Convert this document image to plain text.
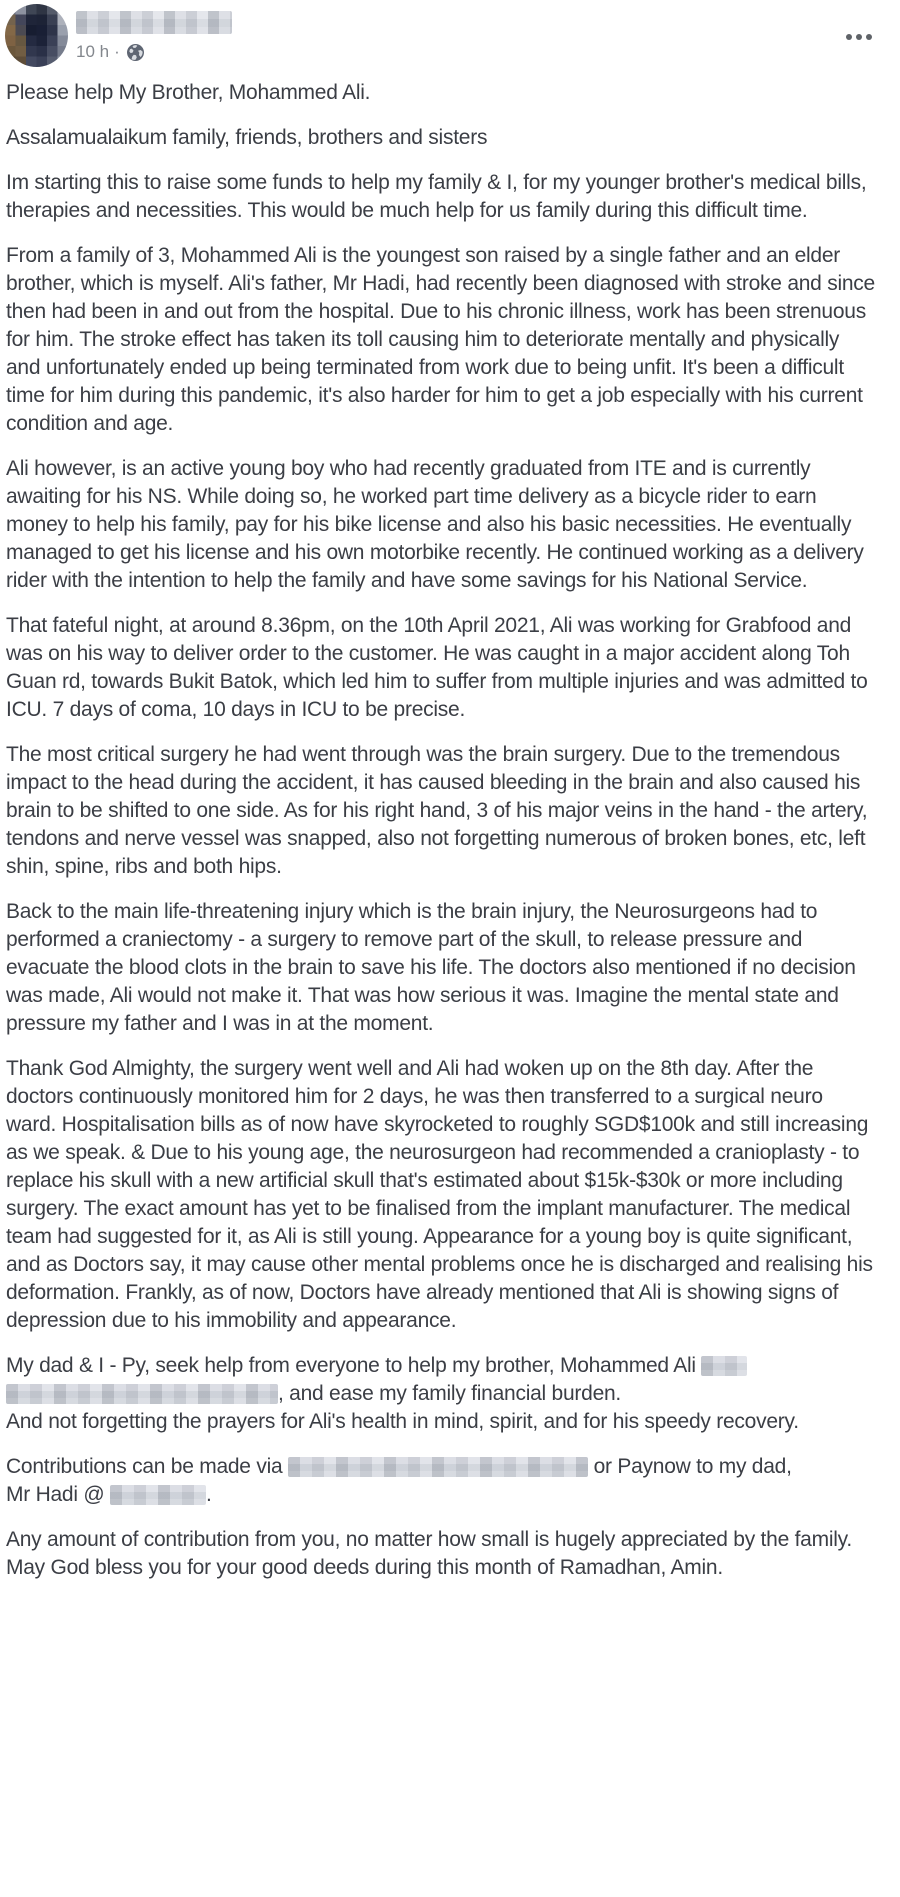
10 h ·

Please help My Brother, Mohammed Ali.

Assalamualaikum family, friends, brothers and sisters

Im starting this to raise some funds to help my family & I, for my younger brother's medical bills, therapies and necessities. This would be much help for us family during this difficult time.

From a family of 3, Mohammed Ali is the youngest son raised by a single father and an elder brother, which is myself. Ali's father, Mr Hadi, had recently been diagnosed with stroke and since then had been in and out from the hospital. Due to his chronic illness, work has been strenuous for him. The stroke effect has taken its toll causing him to deteriorate mentally and physically and unfortunately ended up being terminated from work due to being unfit. It's been a difficult time for him during this pandemic, it's also harder for him to get a job especially with his current condition and age.

Ali however, is an active young boy who had recently graduated from ITE and is currently awaiting for his NS. While doing so, he worked part time delivery as a bicycle rider to earn money to help his family, pay for his bike license and also his basic necessities. He eventually managed to get his license and his own motorbike recently. He continued working as a delivery rider with the intention to help the family and have some savings for his National Service.

That fateful night, at around 8.36pm, on the 10th April 2021, Ali was working for Grabfood and was on his way to deliver order to the customer. He was caught in a major accident along Toh Guan rd, towards Bukit Batok, which led him to suffer from multiple injuries and was admitted to ICU. 7 days of coma, 10 days in ICU to be precise.

The most critical surgery he had went through was the brain surgery. Due to the tremendous impact to the head during the accident, it has caused bleeding in the brain and also caused his brain to be shifted to one side. As for his right hand, 3 of his major veins in the hand - the artery, tendons and nerve vessel was snapped, also not forgetting numerous of broken bones, etc, left shin, spine, ribs and both hips.

Back to the main life-threatening injury which is the brain injury, the Neurosurgeons had to performed a craniectomy - a surgery to remove part of the skull, to release pressure and evacuate the blood clots in the brain to save his life. The doctors also mentioned if no decision was made, Ali would not make it. That was how serious it was. Imagine the mental state and pressure my father and I was in at the moment.

Thank God Almighty, the surgery went well and Ali had woken up on the 8th day. After the doctors continuously monitored him for 2 days, he was then transferred to a surgical neuro ward. Hospitalisation bills as of now have skyrocketed to roughly SGD$100k and still increasing as we speak. & Due to his young age, the neurosurgeon had recommended a cranioplasty - to replace his skull with a new artificial skull that's estimated about $15k-$30k or more including surgery. The exact amount has yet to be finalised from the implant manufacturer. The medical team had suggested for it, as Ali is still young. Appearance for a young boy is quite significant, and as Doctors say, it may cause other mental problems once he is discharged and realising his deformation. Frankly, as of now, Doctors have already mentioned that Ali is showing signs of depression due to his immobility and appearance.

My dad & I - Py, seek help from everyone to help my brother, Mohammed Ali
, and ease my family financial burden.
And not forgetting the prayers for Ali's health in mind, spirit, and for his speedy recovery.

Contributions can be made via	or Paynow to my dad,
Mr Hadi @	.

Any amount of contribution from you, no matter how small is hugely appreciated by the family.
May God bless you for your good deeds during this month of Ramadhan, Amin.
